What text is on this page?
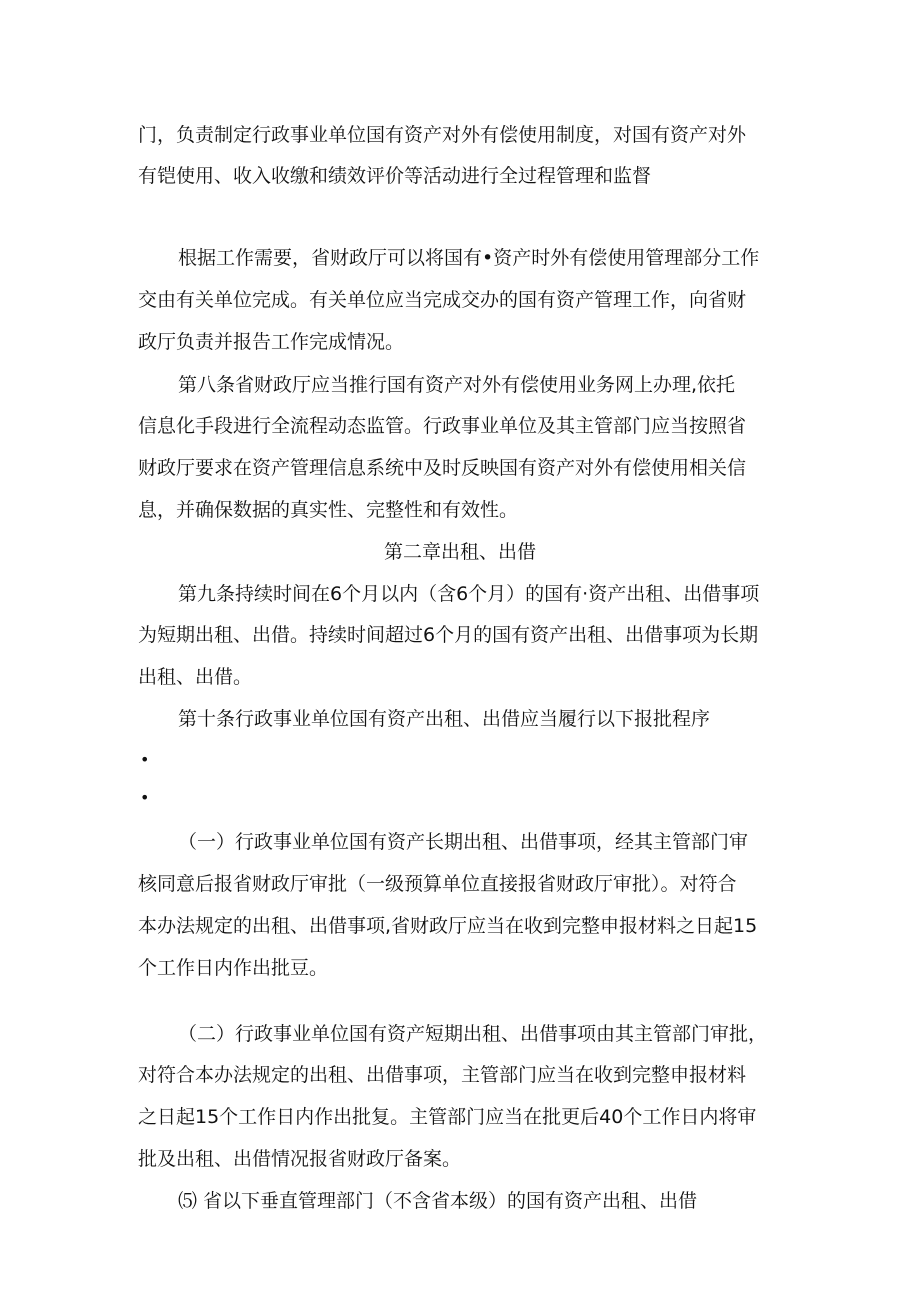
门，负责制定行政事业单位国有资产对外有偿使用制度，对国有资产对外
有铠使用、收入收缴和绩效评价等活动进行全过程管理和监督
根据工作需要，省财政厅可以将国有•资产时外有偿使用管理部分工作
交由有关单位完成。有关单位应当完成交办的国有资产管理工作，向省财
政厅负责并报告工作完成情况。
第八条省财政厅应当推行国有资产对外有偿使用业务网上办理,依托
信息化手段进行全流程动态监管。行政事业单位及其主管部门应当按照省
财政厅要求在资产管理信息系统中及时反映国有资产对外有偿使用相关信
息，并确保数据的真实性、完整性和有效性。
第二章出租、出借
第九条持续时间在6个月以内（含6个月）的国有·资产出租、出借事项
为短期出租、出借。持续时间超过6个月的国有资产出租、出借事项为长期
出租、出借。
第十条行政事业单位国有资产出租、出借应当履行以下报批程序
•
•
（一）行政事业单位国有资产长期出租、出借事项，经其主管部门审
核同意后报省财政厅审批（一级预算单位直接报省财政厅审批）。对符合
本办法规定的出租、出借事项,省财政厅应当在收到完整申报材料之日起15
个工作日内作出批豆。
（二）行政事业单位国有资产短期出租、出借事项由其主管部门审批，
对符合本办法规定的出租、出借事项，主管部门应当在收到完整申报材料
之日起15个工作日内作出批复。主管部门应当在批更后40个工作日内将审
批及出租、出借情况报省财政厅备案。
⑸ 省以下垂直管理部门（不含省本级）的国有资产出租、出借
